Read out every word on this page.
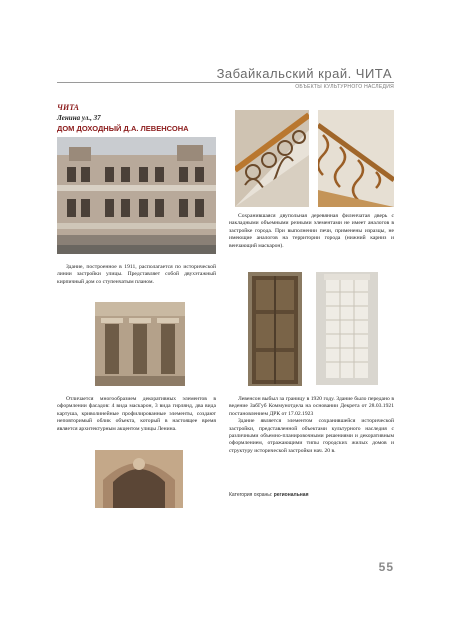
Забайкальский край. ЧИТА
ОБЪЕКТЫ КУЛЬТУРНОГО НАСЛЕДИЯ
ЧИТА
Ленина ул., 37
ДОМ ДОХОДНЫЙ Д.А. ЛЕВЕНСОНА

Сохранившаяся двупольная деревянная филенчатая дверь с накладными объемными резными элементами не имеет аналогов в застройке города. При выполнении печи, применены изразцы, не имеющие аналогов на территории города (нижний карниз и венчающий маскарон).

Здание, построенное в 1911, располагается по исторической линии застройки улицы. Представляет собой двухэтажный кирпичный дом со ступенчатым планом.

Отличается многообразием декоративных элементов в оформлении фасадов: 4 вида маскарон, 3 вида гирлянд, два вида картуша, криволинейные профилированные элементы, создают неповторимый облик объекта, который в настоящее время является архитектурным акцентом улицы Ленина.

Левенсон выбыл за границу в 1920 году. Здание было передано в ведение ЗабГуб Коммунотдела на основании Декрета от 28.03.1921 постановлением ДРК от 17.02.1923

Здание является элементом сохранившейся исторической застройки, представленной объектами культурного наследия с различными объемно-планировочными решениями и декоративным оформлением, отражающими типы городских жилых домов и структуру исторической застройки нач. 20 в.

Категория охраны: региональная
55
